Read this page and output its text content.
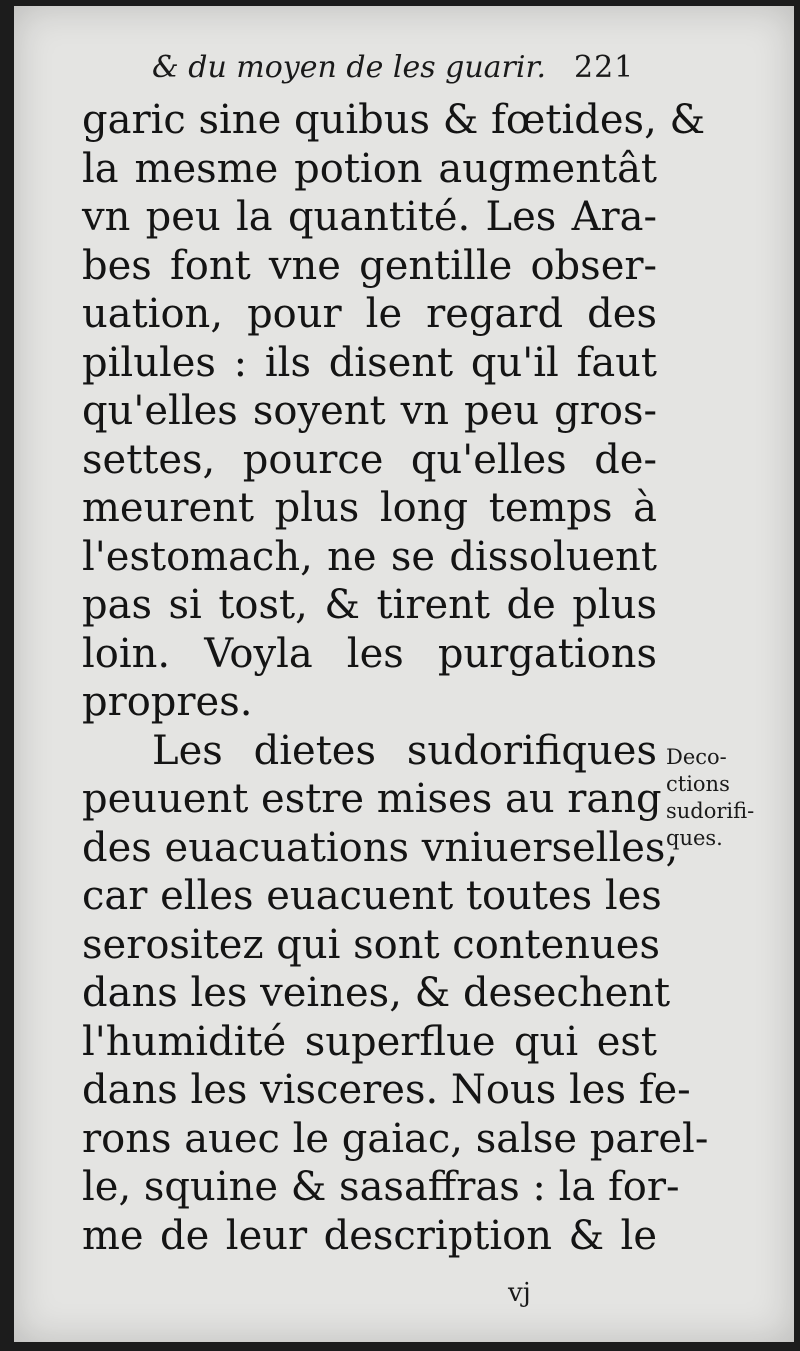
& du moyen de les guarir. 221
garic sine quibus & fœtides, &
la mesme potion augmentât
vn peu la quantité. Les Ara-
bes font vne gentille obser-
uation, pour le regard des
pilules : ils disent qu'il faut
qu'elles soyent vn peu gros-
settes, pource qu'elles de-
meurent plus long temps à
l'estomach, ne se dissoluent
pas si tost, & tirent de plus
loin. Voyla les purgations
propres.
Les dietes sudorifiques
peuuent estre mises au rang
des euacuations vniuerselles,
car elles euacuent toutes les
serositez qui sont contenues
dans les veines, & desechent
l'humidité superflue qui est
dans les visceres. Nous les fe-
rons auec le gaiac, salse parel-
le, squine & sasaffras : la for-
me de leur description & le
Deco-
ctions
sudorifi-
ques.
vj
